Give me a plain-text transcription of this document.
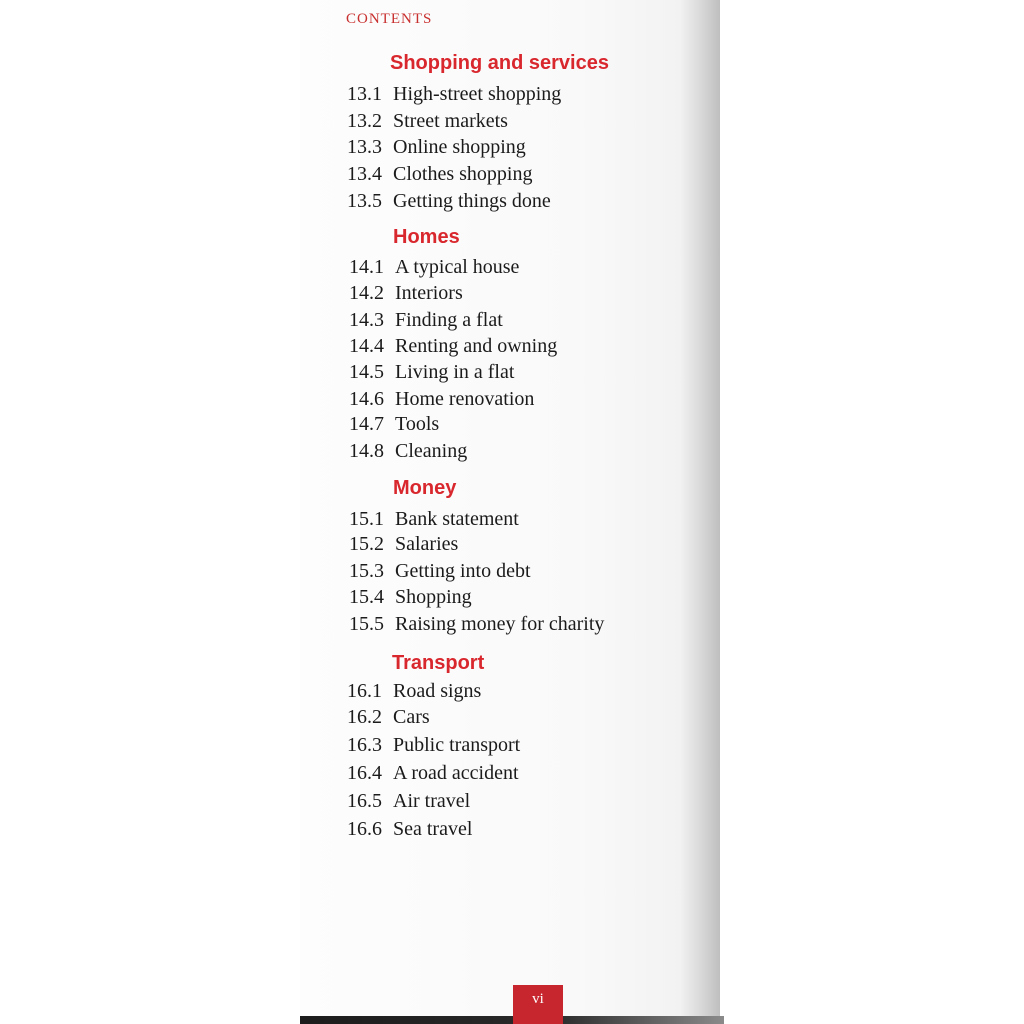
CONTENTS
Shopping and services
13.1 High-street shopping
13.2 Street markets
13.3 Online shopping
13.4 Clothes shopping
13.5 Getting things done
Homes
14.1 A typical house
14.2 Interiors
14.3 Finding a flat
14.4 Renting and owning
14.5 Living in a flat
14.6 Home renovation
14.7 Tools
14.8 Cleaning
Money
15.1 Bank statement
15.2 Salaries
15.3 Getting into debt
15.4 Shopping
15.5 Raising money for charity
Transport
16.1 Road signs
16.2 Cars
16.3 Public transport
16.4 A road accident
16.5 Air travel
16.6 Sea travel
vi
